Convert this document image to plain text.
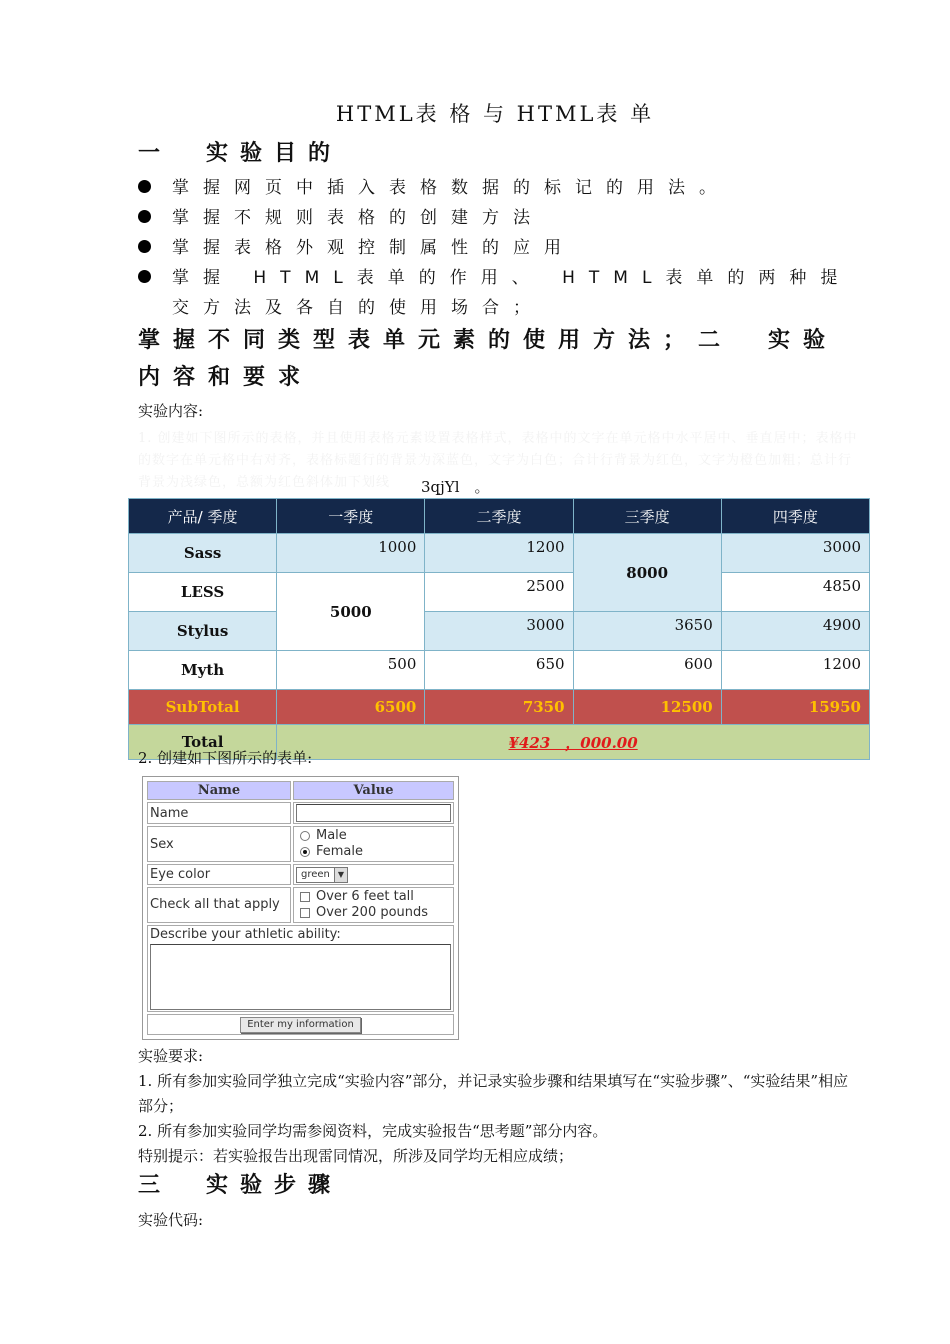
HTML表 格 与 HTML表 单
一　实验目的
掌握网页中插入表格数据的标记的用法。
掌握不规则表格的创建方法
掌握表格外观控制属性的应用
掌握 HTML表单的作用、 HTML表单的两种提交方法及各自的使用场合；
掌握不同类型表单元素的使用方法；二　实验内容和要求
实验内容:
1. 创建如下图所示的表格，并且使用表格元素设置表格样式，表格中的文字在单元格中水平居中、垂直居中；表格中的数字在单元格中右对齐，表格标题行的背景为深蓝色，文字为白色；合计行背景为红色，文字为橙色加粗；总计行背景为浅绿色，总额为红色斜体加下划线	3qjYl　。
产品/ 季度	一季度	二季度	三季度	四季度
Sass	1000	1200	8000	3000
LESS	5000	2500		4850
Stylus		3000	3650	4900
Myth	500	650	600	1200
SubTotal	6500	7350	12500	15950
Total	¥423　，000.00			
2. 创建如下图所示的表单:
Name	Value
Name	

Sex	Male
Female

Eye color	green ▼

Check all that apply	Over 6 feet tall
Over 200 pounds

Describe your athletic ability:	

Enter my information	
实验要求:
1. 所有参加实验同学独立完成“实验内容”部分，并记录实验步骤和结果填写在“实验步骤”、“实验结果”相应部分；
2. 所有参加实验同学均需参阅资料，完成实验报告“思考题”部分内容。
特别提示：若实验报告出现雷同情况，所涉及同学均无相应成绩；
三　实验步骤
实验代码:
